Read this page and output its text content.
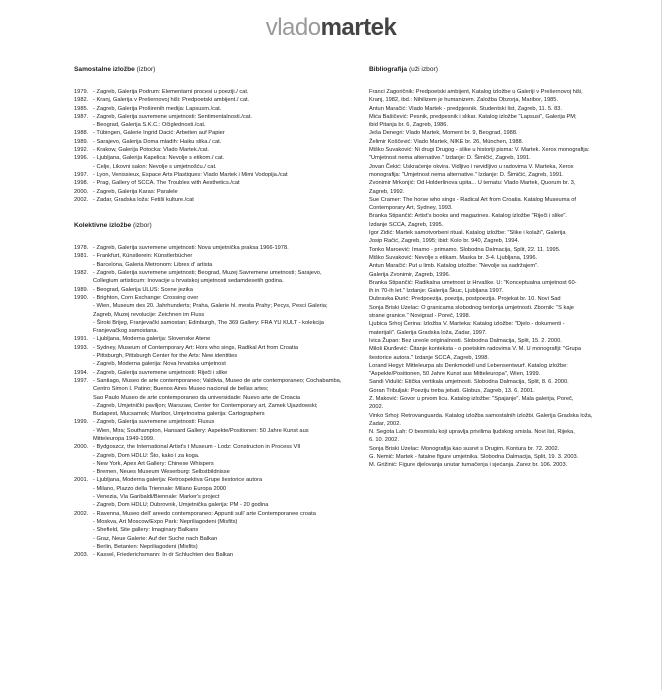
vladomartek
Samostalne izložbe (izbor)
1979. - Zagreb, Galerija Podrum: Elementarni procesi u poeziji./ cat.
1982. - Kranj, Galerija v Prešernovoj hiši: Predpoetski ambijent./ cat.
1985. - Zagreb, Galerija Proširenih medija: Lapsusm./cat.
1987. - Zagreb, Galerija suvremene umjetnosti: Sentimentalnosti./cat.
- Beograd, Galerija S.K.C.: Očiglednosti./cat.
1988. - Tübingen, Galerie Ingrid Dacić: Arbeiten auf Papier
1989. - Sarajevo, Galerija Doma mladih: Haiku slika./ cat.
1992. - Krakow, Galerija Potocka: Vlado Martek./cat.
1996. - Ljubljana, Galerija Kapelica: Nevolje s etikom./ cat.
- Celje, Likovni salon: Nevolje s umjetnošću./ cat.
1997. - Lyon, Venissieux, Espace Arts Plastiques: Vlado Martek i Mimi Vodopija./cat
1998. - Prag, Gallery of SCCA. The Troubles with Aesthetics./cat
2000. - Zagreb, Galerija Karas: Paralele
2002. - Zadar, Gradska loža: Fetiši kulture./cat
Kolektivne izložbe (izbor)
1978. - Zagreb, Galerija suvremene umjetnosti: Nova umjetnička praksa 1966-1978.
1981. - Frankfurt, Künstlerein: Künstlerbücher
- Barcelona, Galeria Metronom: Libres d' artista
1982. - Zagreb, Galerija suvremene umjetnosti; Beograd, Muzej Savremene umetnosti; Sarajevo,
Collegium artisticum: Inovacije u hrvatskoj umjetnosti sedamdesetih godina.
1989. - Beograd, Galerija ULUS: Scene jezika
1990. - Brighton, Corn Exchange: Crossing over
- Wien, Museum des 20. Jahrhunderts; Praha, Galerie hl. mesta Prahy; Pecys, Pesci Galeria;
Zagreb, Muzej revolucije: Zeichnen im Fluss
- Široki Brijeg, Franjevački samostan; Edinburgh, The 369 Gallery: FRA YU KULT - kolekcija
Franjevačkog samostana.
1991. - Ljubljana, Moderna galerija: Slovenske Atene
1993. - Sydney, Museum of Contemporary Art: Hors who sings, Radikal Art from Croatia
- Pittsburgh, Pittsburgh Center for the Arts: New identities
- Zagreb, Moderna galerija: Nova hrvatska umjetnost
1994. - Zagreb, Galerija suvremene umjetnosti: Riječi i slike
1997. - Santiago, Museo de arte contemporaneo; Valdivia, Museo de arte contemporaneo; Cochabamba,
Centro Simon I. Patino; Buenos Aires Museo nacional de bellas artes;
Sao Paulo Museo de arte contemporaneo da universidade: Nuevo arte de Croacia
- Zagreb, Umjetnički paviljon; Warszaw, Center for Contemporary art, Zamek Ujazdowski;
Budapest, Mucsarnok; Maribor, Umjetnostna galerija: Cartographers
1999. - Zagreb, Galerija suvremene umjetnosti: Fluxus
- Wien, Mira; Southampton, Hansard Gallery: Aspekte/Positionen: 50 Jahre Kunst aus
Mitteleuropa 1949-1999.
2000. - Bydgoszcz, the International Artist's t Museum - Lodz: Constructon in Process VII
- Zagreb, Dom HDLU: Što, kako i za koga.
- New York, Apex Art Gallery: Chinese Whispers
- Bremen, Neues Museum Weserburg: Selbstbildnisse
2001. - Ljubljana, Moderna galerija: Retrospektiva Grupe šestorice autora
- Milano, Plazzo della Triennale: Milano Europa 2000
- Venezia, Via Garibaldi/Biennale: Marker's project
- Zagreb, Dom HDLU; Dubrovnik, Umjetnička galerija: PM - 20 godina
2002. - Ravenna, Museo dell' areedo contemporaneo: Appunti sull' arte Contemporanee croata
- Moskva, Art Moscow/Expo Park: Nepriliagodeni (Misfits)
- Shefield, Site gallery: Imaginary Balkans
- Graz, Neue Galerie: Auf der Suche nach Balkan
- Berlin, Betanien: Nepriliagodeni (Misfits)
2003. - Kassel, Friederichsmann: In dr Schluchten des Balkan
Bibliografija (uži izbor)

Franci Zagoričnik: Predpoetski ambijent, Katalog izložbe u Galeriji v Prešernovoj hiši,

Kranj, 1982, ibd.: Nihilizem je humanizem. Založba Obzorja, Maribor, 1985.

Antun Maračić: Vlado Martek - predpjesnik. Studentski list, Zagreb, 11. 5. 83.

Mića Bašičević: Pesnik, predpesnik i slikar. Katalog izložbe "Lapsusi", Galerija PM;

ibid Pitanja br. 6, Zagreb, 1986.

Ješa Denegri: Vlado Martek, Moment br. 9, Beograd, 1988.

Želimir Koščević: Vlado Martek, NIKE br. 26, München, 1988.

Miško Suvaković: Ni drugi Drugog - slike u historiji pisma: V. Martek. Xerox monografija:

"Umjetnost nema alternative." Izdanje: D. Šimičić, Zagreb, 1991.

Jovan Čekić: Uskraćenje okvira. Vidljivo i nevidljivo u radovima V. Marteka, Xerox

monografija: "Umjetnost nema alternative." Izdanje: D. Šimičić, Zagreb, 1991.

Zvonimir Mrkonjić: Od Holderlinova upita... U tematu: Vlado Martek, Quorum br. 3,

Zagreb, 1992.

Sue Cramer: The horse who sings - Radical Art from Croatia. Katalog Museuma of

Contemporary Art, Sydney, 1993.

Branka Stipančić: Artist's books and magazines. Katalog izložbe "Riječi i slike".

Izdanje SCCA, Zagreb, 1995.

Igor Zidić: Martek samotvorbeni ritual. Katalog izložbe: "Slike i kolaži", Galerija

Josip Račić, Zagreb, 1995; ibid: Kolo br. 940, Zagreb, 1994.

Tonko Maroević: Imamo - primamo. Slobodna Dalmacija, Split, 22. 11. 1995.

Miško Suvaković: Nevolje s etikam. Maska br. 3-4. Ljubljana, 1996.

Antun Maračić: Put u limb. Katalog izložbe: "Nevolje sa sadržajem".

Galerija Zvonimir, Zagreb, 1996.

Branka Stipančić: Radikalna umetnost iz Hrvaške. U: "Konceptualna umjetnost 60-

ih in 70-ih let." Izdanje: Galerija Škuc, Ljubljana 1997.

Dubravka Đurić: Predpoezija, poezija, postpoezija. Projekat br. 10. Novi Sad

Sonja Briski Uzelac: O granicama slobodnog tentorija umjetnosti. Zbornik: "S kaje

strane granice." Novigrad - Poreč, 1998.

Ljubica Srhoj Ćerina: Izložba V. Marteka: Katalog izložbe: "Djelo - dokumenti -

materijali". Galerija Gradska loža, Zadar, 1997.

Ivica Župan: Bez ureole originalnosti. Slobodna Dalmacija, Split, 15. 2. 2000.

Miloš Đurđević: Čitanje konteksta - o poetskim radovima V. M. U monografiji: "Grupa

šestorice autora." Izdanje SCCA, Zagreb, 1998.

Lorand Hegyi: Mitteleurpa als Denkmodell und Lebensentwurf. Katalog izložbe:

"Aspekte/Positionen, 50 Jahre Kunst aus Mitteleuropa", Wien, 1999.

Sandi Vidulić: Etička vertikala umjetnosti. Slobodna Dalmacija, Split, 8. 6. 2000.

Goran Tribuljak: Poeziju treba jebati. Globus, Zagreb, 13. 6. 2001.

Z. Maković: Govor u prvom licu. Katalog izložbe: "Spajanje". Mala galerija, Poreč,

2002.

Vinko Srhoj: Retrovanguarda. Katalog izložba samostalnih izložbi. Galerija Gradska loža,

Zadar, 2002.

N. Segota Lah: O besmislu koji upravlja privilima ljudskog smisla. Novi list, Rijeka,

6. 10. 2002.

Sonja Briski Uzelac: Monografija kao susret s Drugim. Kontura br. 72. 2002.

G. Nemić: Martek - fatalne figure umjetnika. Slobodna Dalmacija, Split, 19. 3. 2003.

M. Grižinić: Figure djelovanja unutar tumačenja i sjećanja. Zarez br. 106. 2003.
